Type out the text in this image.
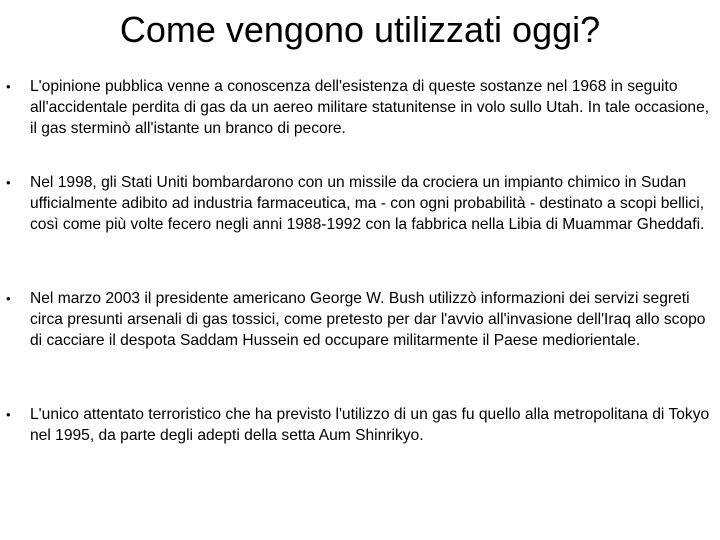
Come vengono utilizzati oggi?
•	L'opinione pubblica venne a conoscenza dell'esistenza di queste sostanze nel 1968 in seguito all'accidentale perdita di gas da un aereo militare statunitense in volo sullo Utah. In tale occasione, il gas sterminò all'istante un branco di pecore.
•	Nel 1998, gli Stati Uniti bombardarono con un missile da crociera un impianto chimico in Sudan ufficialmente adibito ad industria farmaceutica, ma - con ogni probabilità - destinato a scopi bellici, così come più volte fecero negli anni 1988-1992 con la fabbrica nella Libia di Muammar Gheddafi.
•	Nel marzo 2003 il presidente americano George W. Bush utilizzò informazioni dei servizi segreti circa presunti arsenali di gas tossici, come pretesto per dar l'avvio all'invasione dell'Iraq allo scopo di cacciare il despota Saddam Hussein ed occupare militarmente il Paese mediorientale.
•	L'unico attentato terroristico che ha previsto l'utilizzo di un gas fu quello alla metropolitana di Tokyo nel 1995, da parte degli adepti della setta Aum Shinrikyo.
